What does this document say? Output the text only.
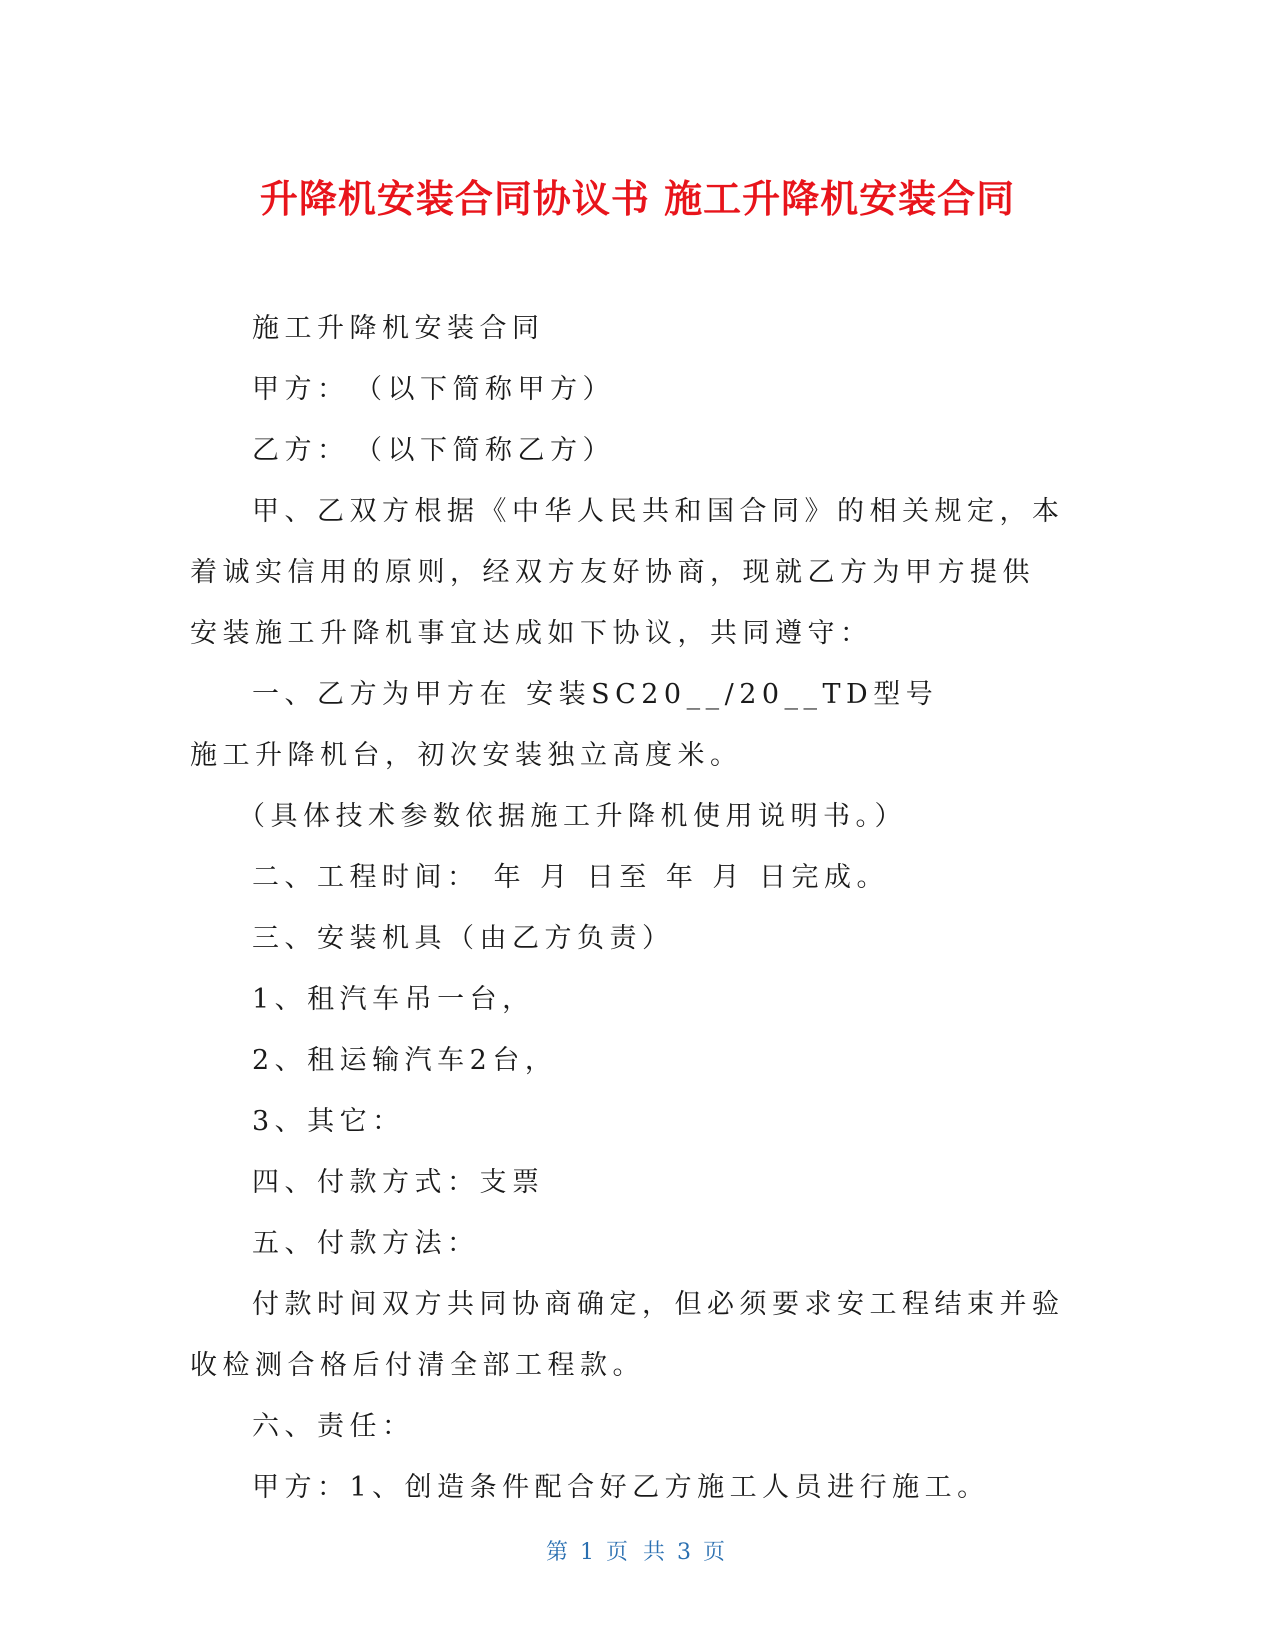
升降机安装合同协议书 施工升降机安装合同

施工升降机安装合同

甲方：　（以下简称甲方）

乙方：　（以下简称乙方）

甲、乙双方根据《中华人民共和国合同》的相关规定，本着诚实信用的原则，经双方友好协商，现就乙方为甲方提供安装施工升降机事宜达成如下协议，共同遵守：

一、乙方为甲方在 安装SC20__/20__TD型号施工升降机台，初次安装独立高度米。

（具体技术参数依据施工升降机使用说明书。）

二、工程时间： 年 月 日至 年 月 日完成。

三、安装机具（由乙方负责）

1、租汽车吊一台，

2、租运输汽车2台，

3、其它：

四、付款方式：支票

五、付款方法：

付款时间双方共同协商确定，但必须要求安工程结束并验收检测合格后付清全部工程款。

六、责任：

甲方：1、创造条件配合好乙方施工人员进行施工。

第 1 页 共 3 页
